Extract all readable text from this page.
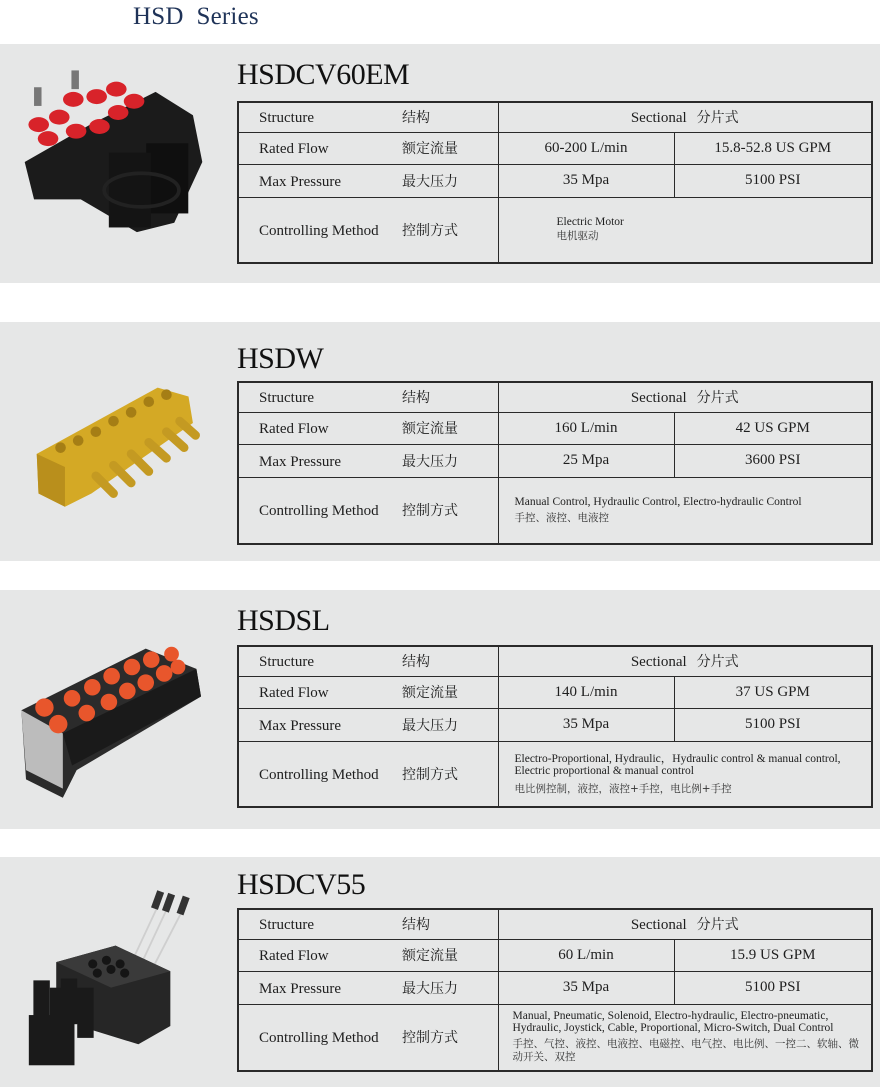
HSD  Series
HSDCV60EM
Structure 结构	Sectional 分片式	
Rated Flow 额定流量	60-200 L/min	15.8-52.8 US GPM
Max Pressure 最大压力	35 Mpa	5100 PSI
Controlling Method 控制方式	Electric Motor
电机驱动	
HSDW
Structure 结构	Sectional 分片式	
Rated Flow 额定流量	160 L/min	42 US GPM
Max Pressure 最大压力	25 Mpa	3600 PSI
Controlling Method 控制方式	Manual Control, Hydraulic Control, Electro-hydraulic Control
手控、液控、电液控	
HSDSL
Structure 结构	Sectional 分片式	
Rated Flow 额定流量	140 L/min	37 US GPM
Max Pressure 最大压力	35 Mpa	5100 PSI
Controlling Method 控制方式	Electro-Proportional, Hydraulic，Hydraulic control & manual control, Electric proportional & manual control
电比例控制，液控，液控+手控，电比例+手控	
HSDCV55
Structure 结构	Sectional 分片式	
Rated Flow 额定流量	60 L/min	15.9 US GPM
Max Pressure 最大压力	35 Mpa	5100 PSI
Controlling Method 控制方式	Manual, Pneumatic, Solenoid, Electro-hydraulic, Electro-pneumatic, Hydraulic, Joystick, Cable, Proportional, Micro-Switch, Dual Control
手控、气控、液控、电液控、电磁控、电气控、电比例、一控二、软轴、微动开关、双控	
